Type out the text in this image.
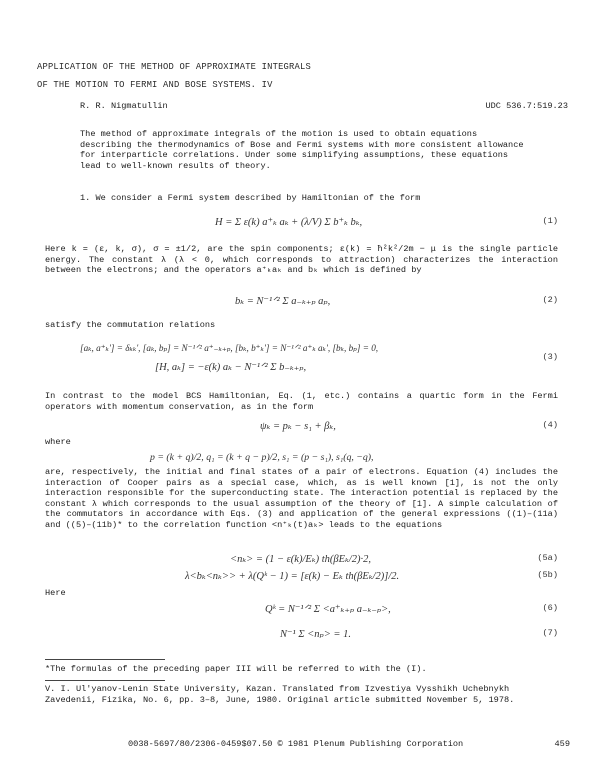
APPLICATION OF THE METHOD OF APPROXIMATE INTEGRALS
OF THE MOTION TO FERMI AND BOSE SYSTEMS. IV
R. R. Nigmatullin	UDC 536.7:519.23
The method of approximate integrals of the motion is used to obtain equations describing the thermodynamics of Bose and Fermi systems with more consistent allowance for interparticle correlations. Under some simplifying assumptions, these equations lead to well-known results of theory.
1. We consider a Fermi system described by Hamiltonian of the form
H = Σ ε(k) a⁺ₖ aₖ + (λ/V) Σ b⁺ₖ bₖ,	(1)
Here k = (ε, k, σ), σ = ±1/2, are the spin components; ε(k) = ħ²k²/2m − μ is the single particle energy. The constant λ (λ < 0, which corresponds to attraction) characterizes the interaction between the electrons; and the operators a⁺ₖaₖ and bₖ which is defined by
bₖ = N⁻¹ᐟ² Σ a₋ₖ₊ₚ aₚ,	(2)
satisfy the commutation relations
[aₖ, a⁺ₖ'] = δₖₖ', [aₖ, bₚ] = N⁻¹ᐟ² a⁺₋ₖ₊ₚ, [bₖ, b⁺ₖ'] = N⁻¹ᐟ² a⁺ₖ aₖ', [bₖ, bₚ] = 0,
[H, aₖ] = −ε(k) aₖ − N⁻¹ᐟ² Σ b₋ₖ₊ₚ,
(3)
In contrast to the model BCS Hamiltonian, Eq. (1, etc.) contains a quartic form in the Fermi operators with momentum conservation, as in the form
ψₖ = pₖ − s₁ + βₖ,	(4)
where
p = (k + q)/2, q₁ = (k + q − p)/2, s₁ = (p − s₁), s₁(q, −q),
are, respectively, the initial and final states of a pair of electrons. Equation (4) includes the interaction of Cooper pairs as a special case, which, as is well known [1], is not the only interaction responsible for the superconducting state. The interaction potential is replaced by the constant λ which corresponds to the usual assumption of the theory of [1]. A simple calculation of the commutators in accordance with Eqs. (3) and application of the general expressions ((1)–(11a) and ((5)–(11b)* to the correlation function <n⁺ₖ(t)aₖ> leads to the equations
<nₖ> = (1 − ε(k)/Eₖ) th(βEₖ/2)·2,	(5a)
λ<bₖ<nₖ>> + λ(Qᵏ − 1) = [ε(k) − Eₖ th(βEₖ/2)]/2.	(5b)
Here
Qᵏ = N⁻¹ᐟ² Σ <a⁺ₖ₊ₚ a₋ₖ₋ₚ>,	(6)
N⁻¹ Σ <nₚ> = 1.	(7)
*The formulas of the preceding paper III will be referred to with the (I).
V. I. Ul'yanov-Lenin State University, Kazan. Translated from Izvestiya Vysshikh Uchebnykh Zavedenii, Fizika, No. 6, pp. 3–8, June, 1980. Original article submitted November 5, 1978.
0038-5697/80/2306-0459$07.50 © 1981 Plenum Publishing Corporation	459
